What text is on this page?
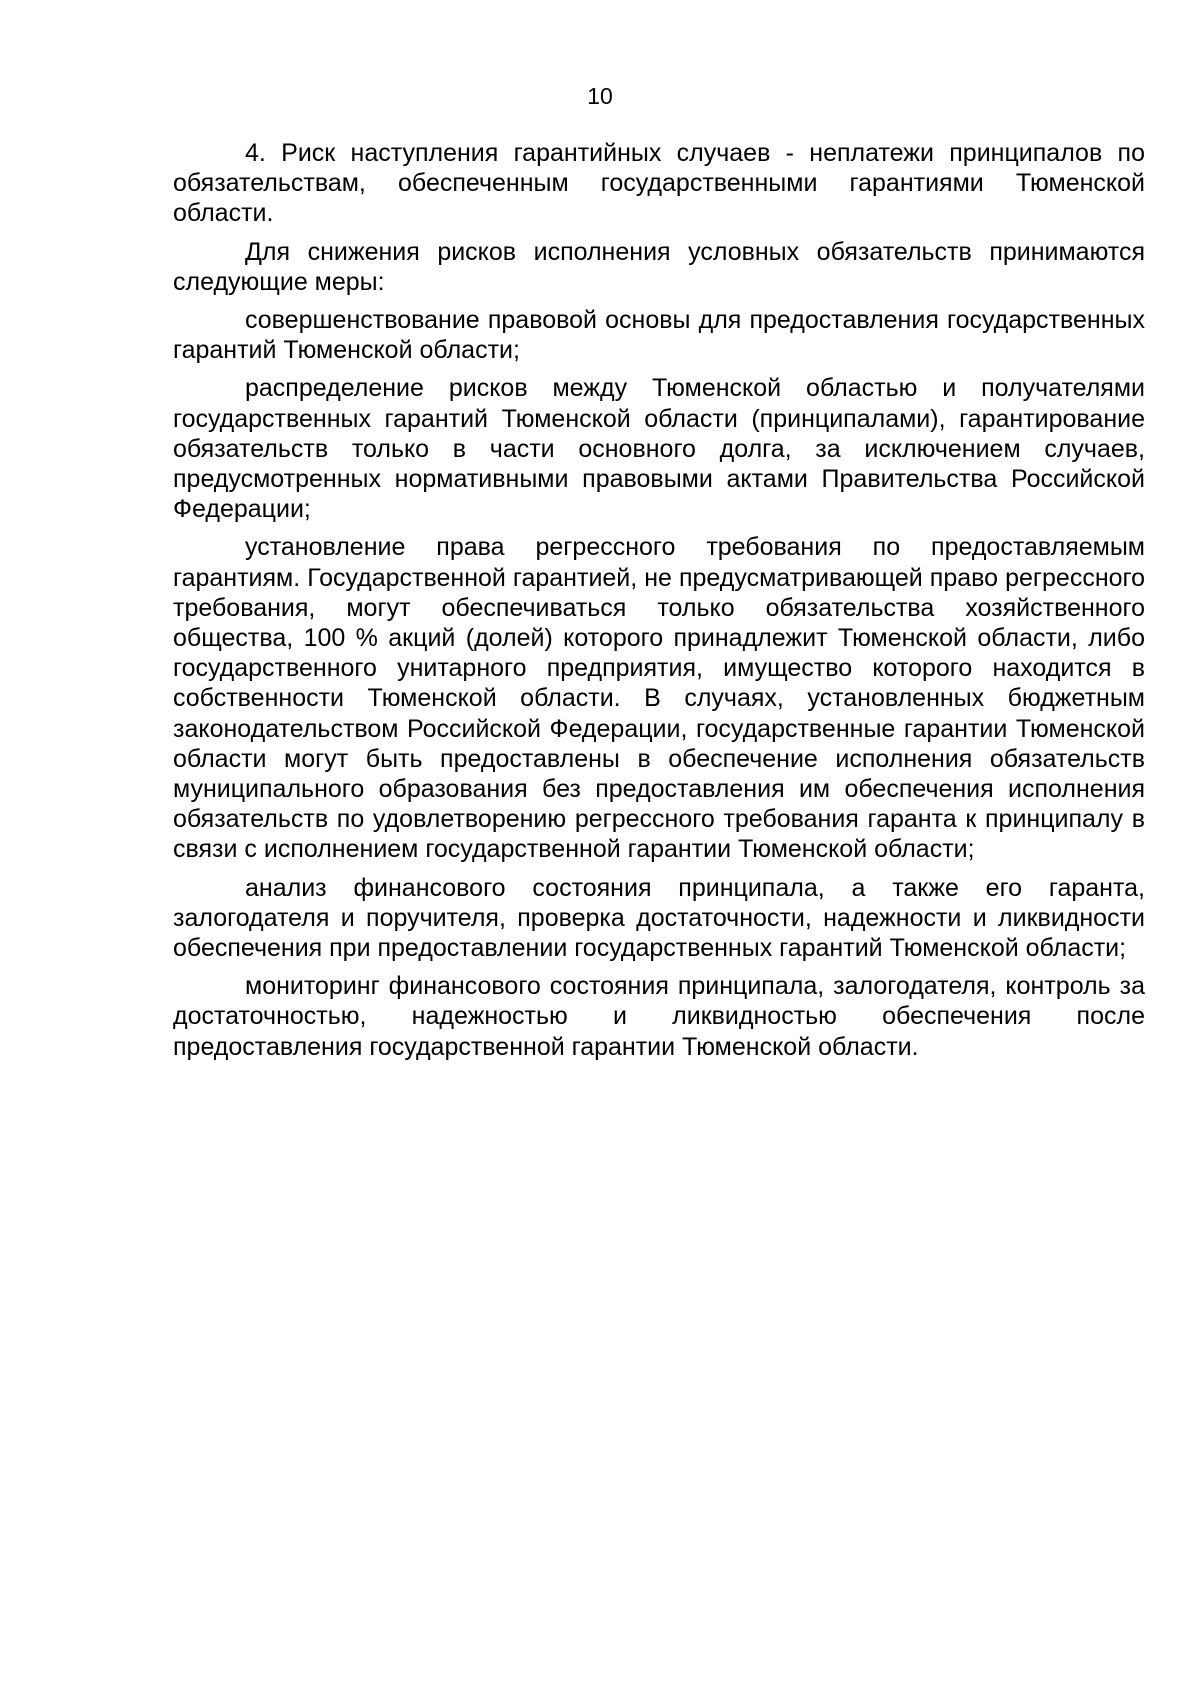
10

4. Риск наступления гарантийных случаев - неплатежи принципалов по обязательствам, обеспеченным государственными гарантиями Тюменской области.

Для снижения рисков исполнения условных обязательств принимаются следующие меры:

совершенствование правовой основы для предоставления государственных гарантий Тюменской области;

распределение рисков между Тюменской областью и получателями государственных гарантий Тюменской области (принципалами), гарантирование обязательств только в части основного долга, за исключением случаев, предусмотренных нормативными правовыми актами Правительства Российской Федерации;

установление права регрессного требования по предоставляемым гарантиям. Государственной гарантией, не предусматривающей право регрессного требования, могут обеспечиваться только обязательства хозяйственного общества, 100 % акций (долей) которого принадлежит Тюменской области, либо государственного унитарного предприятия, имущество которого находится в собственности Тюменской области. В случаях, установленных бюджетным законодательством Российской Федерации, государственные гарантии Тюменской области могут быть предоставлены в обеспечение исполнения обязательств муниципального образования без предоставления им обеспечения исполнения обязательств по удовлетворению регрессного требования гаранта к принципалу в связи с исполнением государственной гарантии Тюменской области;

анализ финансового состояния принципала, а также его гаранта, залогодателя и поручителя, проверка достаточности, надежности и ликвидности обеспечения при предоставлении государственных гарантий Тюменской области;

мониторинг финансового состояния принципала, залогодателя, контроль за достаточностью, надежностью и ликвидностью обеспечения после предоставления государственной гарантии Тюменской области.
